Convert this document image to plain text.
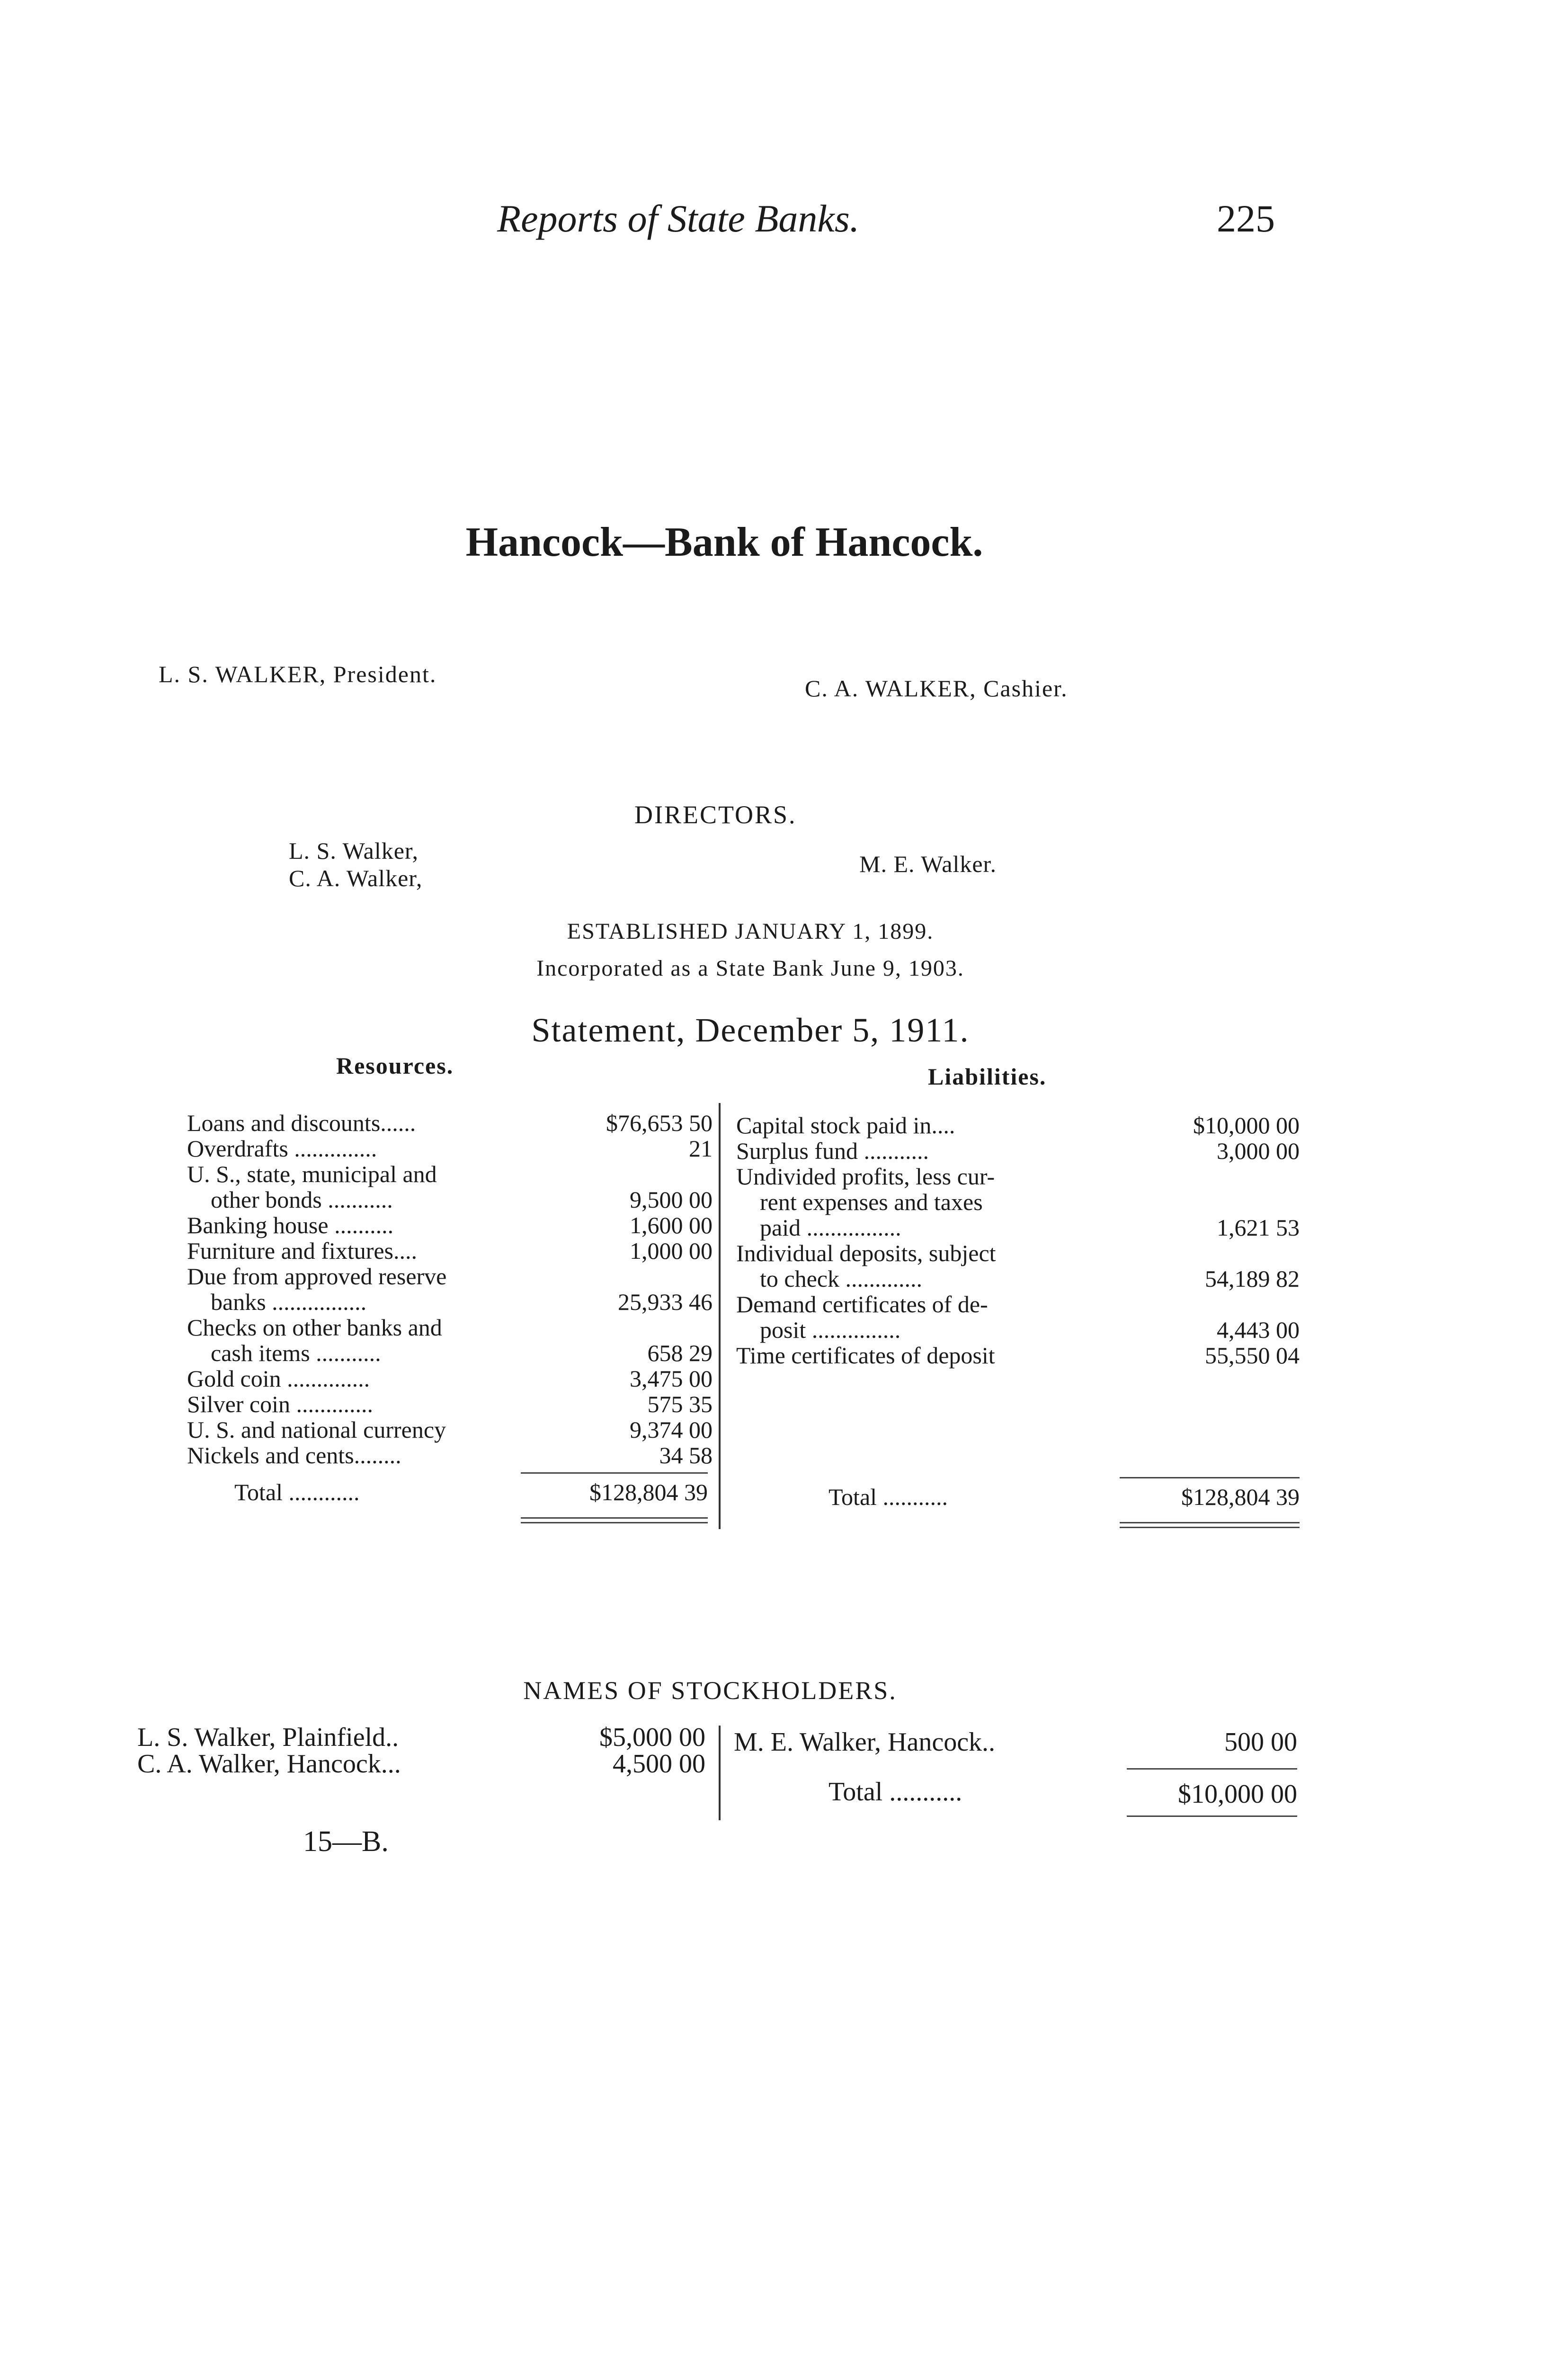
Reports of State Banks.	225
Hancock—Bank of Hancock.
L. S. WALKER, President.
C. A. WALKER, Cashier.
DIRECTORS.
L. S. Walker,
C. A. Walker,
M. E. Walker.
ESTABLISHED JANUARY 1, 1899.
Incorporated as a State Bank June 9, 1903.
Statement, December 5, 1911.
Resources.	Liabilities.
Loans and discounts......	$76,653 50
Overdrafts ..............	21
U. S., state, municipal and
other bonds ...........	9,500 00
Banking house ..........	1,600 00
Furniture and fixtures....	1,000 00
Due from approved reserve
banks ................	25,933 46
Checks on other banks and
cash items ...........	658 29
Gold coin ..............	3,475 00
Silver coin .............	575 35
U. S. and national currency	9,374 00
Nickels and cents........	34 58
Total ............	$128,804 39
Capital stock paid in....	$10,000 00
Surplus fund ...........	3,000 00
Undivided profits, less cur-
rent expenses and taxes
paid ................	1,621 53
Individual deposits, subject
to check .............	54,189 82
Demand certificates of de-
posit ...............	4,443 00
Time certificates of deposit	55,550 04
Total ...........	$128,804 39
NAMES OF STOCKHOLDERS.
L. S. Walker, Plainfield..	$5,000 00
C. A. Walker, Hancock...	4,500 00
M. E. Walker, Hancock..	500 00
Total ...........	$10,000 00
15—B.
